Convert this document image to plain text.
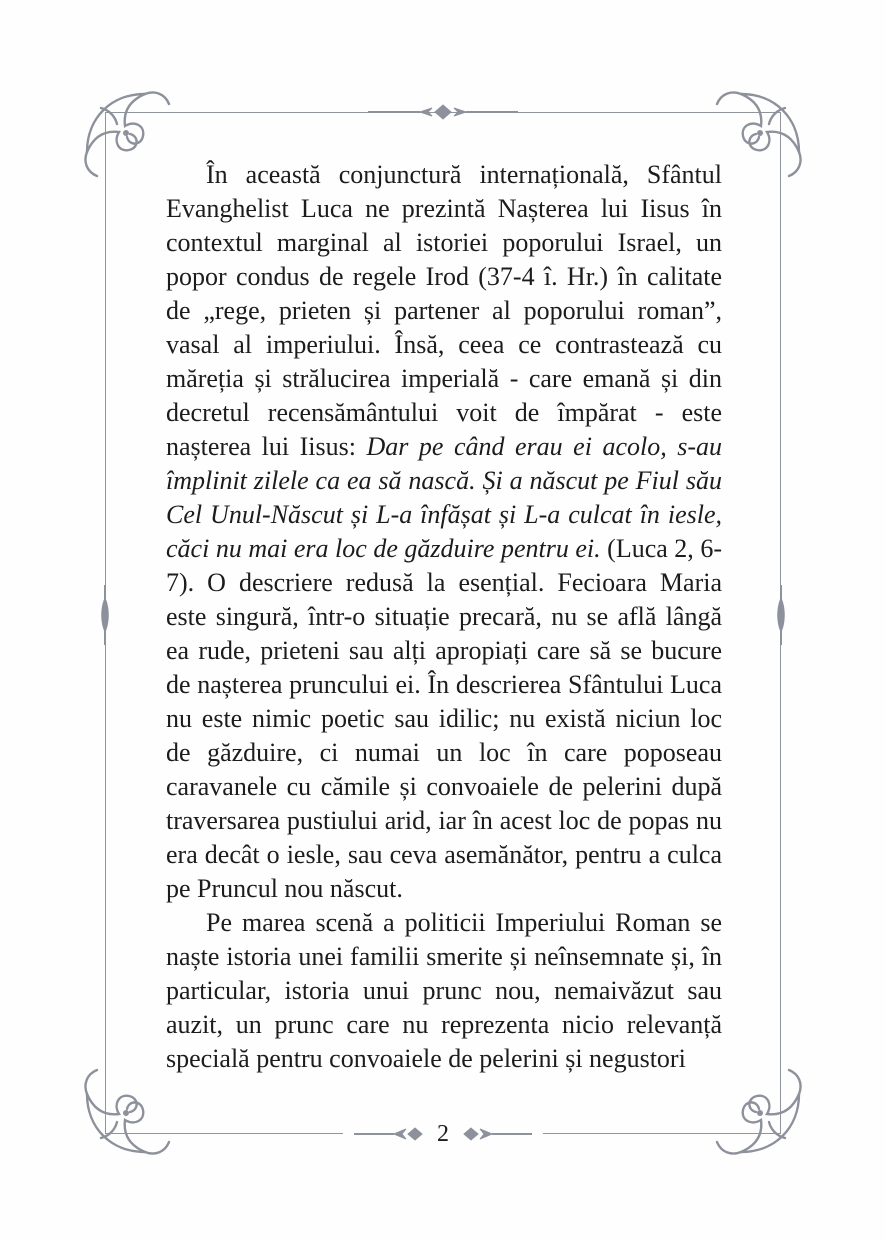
În această conjunctură internațională, Sfântul Evanghelist Luca ne prezintă Nașterea lui Iisus în contextul marginal al istoriei poporului Israel, un popor condus de regele Irod (37-4 î. Hr.) în calitate de „rege, prieten și partener al poporului roman”, vasal al imperiului. Însă, ceea ce contrastează cu măreția și strălucirea imperială - care emană și din decretul recensământului voit de împărat - este nașterea lui Iisus: Dar pe când erau ei acolo, s-au împlinit zilele ca ea să nască. Și a născut pe Fiul său Cel Unul-Născut și L-a înfășat și L-a culcat în iesle, căci nu mai era loc de găzduire pentru ei. (Luca 2, 6-7). O descriere redusă la esențial. Fecioara Maria este singură, într-o situație precară, nu se află lângă ea rude, prieteni sau alți apropiați care să se bucure de nașterea pruncului ei. În descrierea Sfântului Luca nu este nimic poetic sau idilic; nu există niciun loc de găzduire, ci numai un loc în care poposeau caravanele cu cămile și convoaiele de pelerini după traversarea pustiului arid, iar în acest loc de popas nu era decât o iesle, sau ceva asemănător, pentru a culca pe Pruncul nou născut.

Pe marea scenă a politicii Imperiului Roman se naște istoria unei familii smerite și neînsemnate și, în particular, istoria unui prunc nou, nemaivăzut sau auzit, un prunc care nu reprezenta nicio relevanță specială pentru convoaiele de pelerini și negustori

2
